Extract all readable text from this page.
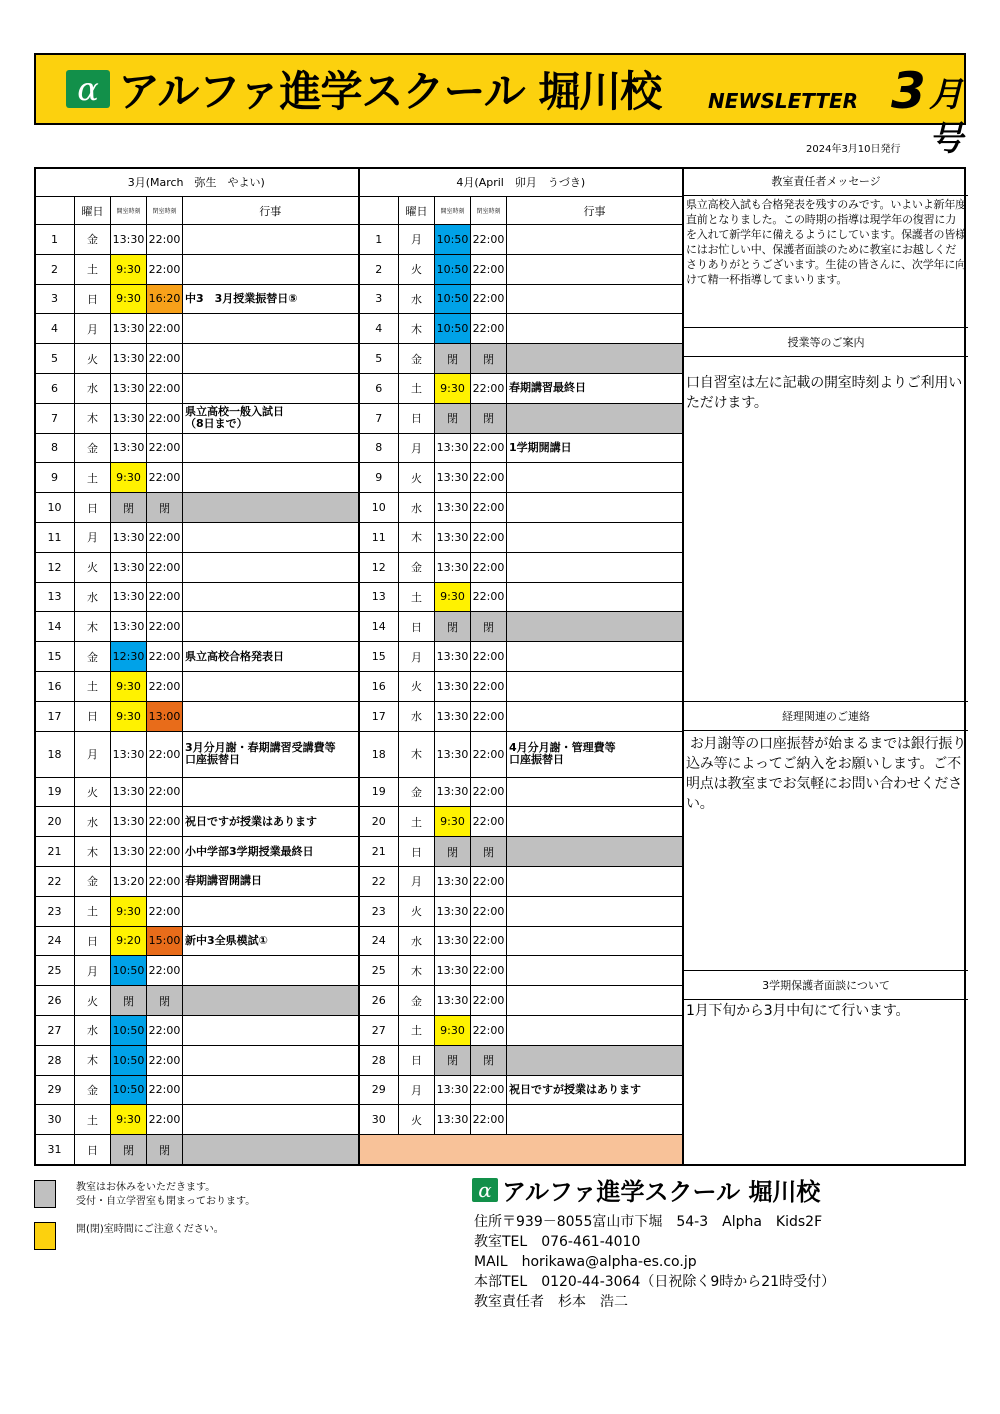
α アルファ進学スクール 堀川校 NEWSLETTER 3 月号
2024年3月10日発行
3月(March　弥生　やよい)					4月(April　卯月　うづき)				
	曜日	開室時刻	閉室時刻	行事		曜日	開室時刻	閉室時刻	行事
1	金	13:30	22:00		1	月	10:50	22:00	
2	土	9:30	22:00		2	火	10:50	22:00	
3	日	9:30	16:20	中3　3月授業振替日⑤	3	水	10:50	22:00	
4	月	13:30	22:00		4	木	10:50	22:00	
5	火	13:30	22:00		5	金	閉	閉	
6	水	13:30	22:00		6	土	9:30	22:00	春期講習最終日
7	木	13:30	22:00	県立高校一般入試日
（8日まで）	7	日	閉	閉	
8	金	13:30	22:00		8	月	13:30	22:00	1学期開講日
9	土	9:30	22:00		9	火	13:30	22:00	
10	日	閉	閉		10	水	13:30	22:00	
11	月	13:30	22:00		11	木	13:30	22:00	
12	火	13:30	22:00		12	金	13:30	22:00	
13	水	13:30	22:00		13	土	9:30	22:00	
14	木	13:30	22:00		14	日	閉	閉	
15	金	12:30	22:00	県立高校合格発表日	15	月	13:30	22:00	
16	土	9:30	22:00		16	火	13:30	22:00	
17	日	9:30	13:00		17	水	13:30	22:00	
18	月	13:30	22:00	3月分月謝・春期講習受講費等
口座振替日	18	木	13:30	22:00	4月分月謝・管理費等
口座振替日
19	火	13:30	22:00		19	金	13:30	22:00	
20	水	13:30	22:00	祝日ですが授業はあります	20	土	9:30	22:00	
21	木	13:30	22:00	小中学部3学期授業最終日	21	日	閉	閉	
22	金	13:20	22:00	春期講習開講日	22	月	13:30	22:00	
23	土	9:30	22:00		23	火	13:30	22:00	
24	日	9:20	15:00	新中3全県模試①	24	水	13:30	22:00	
25	月	10:50	22:00		25	木	13:30	22:00	
26	火	閉	閉		26	金	13:30	22:00	
27	水	10:50	22:00		27	土	9:30	22:00	
28	木	10:50	22:00		28	日	閉	閉	
29	金	10:50	22:00		29	月	13:30	22:00	祝日ですが授業はあります
30	土	9:30	22:00		30	火	13:30	22:00	
31	日	閉	閉						
教室責任者メッセージ
県立高校入試も合格発表を残すのみです。いよいよ新年度直前となりました。この時期の指導は現学年の復習に力を入れて新学年に備えるようにしています。保護者の皆様にはお忙しい中、保護者面談のために教室にお越しくださりありがとうございます。生徒の皆さんに、次学年に向けて精一杯指導してまいります。
授業等のご案内
口自習室は左に記載の開室時刻よりご利用いただけます。
経理関連のご連絡
お月謝等の口座振替が始まるまでは銀行振り込み等によってご納入をお願いします。ご不明点は教室までお気軽にお問い合わせください。
3学期保護者面談について
1月下旬から3月中旬にて行います。
教室はお休みをいただきます。
受付・自立学習室も閉まっております。
開(閉)室時間にご注意ください。
α アルファ進学スクール 堀川校
住所〒939－8055富山市下堀　54-3　Alpha　Kids2F
教室TEL　076-461-4010
MAIL　horikawa@alpha-es.co.jp
本部TEL　0120-44-3064（日祝除く9時から21時受付）
教室責任者　杉本　浩二
